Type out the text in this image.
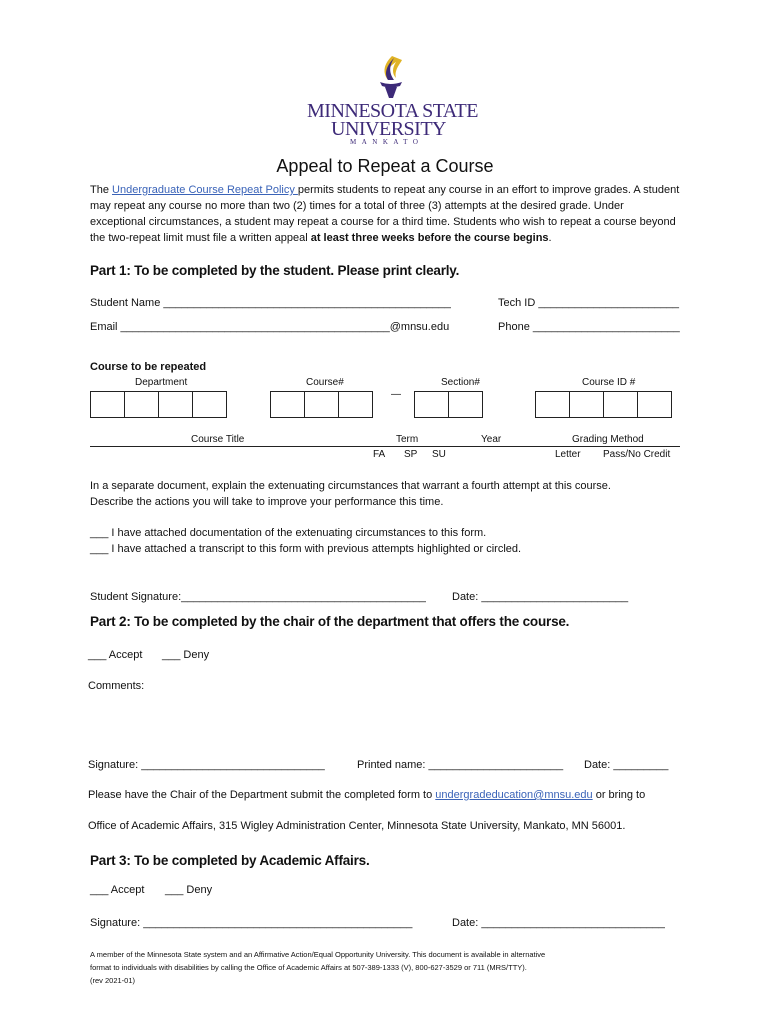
MINNESOTA STATE
UNIVERSITY
MANKATO
Appeal to Repeat a Course
The Undergraduate Course Repeat Policy permits students to repeat any course in an effort to improve grades. A student may repeat any course no more than two (2) times for a total of three (3) attempts at the desired grade. Under exceptional circumstances, a student may repeat a course for a third time. Students who wish to repeat a course beyond the two-repeat limit must file a written appeal at least three weeks before the course begins.
Part 1: To be completed by the student. Please print clearly.
Student Name _______________________________________________	Tech ID _______________________
Email ____________________________________________@mnsu.edu	Phone ________________________
Course to be repeated
Department	Course#	Section#	Course ID #
—
Course Title	Term	Year	Grading Method
FA SP SU	Letter Pass/No Credit
In a separate document, explain the extenuating circumstances that warrant a fourth attempt at this course.
Describe the actions you will take to improve your performance this time.
___ I have attached documentation of the extenuating circumstances to this form.
___ I have attached a transcript to this form with previous attempts highlighted or circled.
Student Signature:________________________________________ Date: ________________________
Part 2: To be completed by the chair of the department that offers the course.
___ Accept ___ Deny
Comments:
Signature: ______________________________	Printed name: ______________________ Date: _________
Please have the Chair of the Department submit the completed form to undergradeducation@mnsu.edu or bring to
Office of Academic Affairs, 315 Wigley Administration Center, Minnesota State University, Mankato, MN 56001.
Part 3: To be completed by Academic Affairs.
___ Accept ___ Deny
Signature: ____________________________________________	Date: ______________________________
A member of the Minnesota State system and an Affirmative Action/Equal Opportunity University. This document is available in alternative
format to individuals with disabilities by calling the Office of Academic Affairs at 507-389-1333 (V), 800-627-3529 or 711 (MRS/TTY).
(rev 2021-01)
